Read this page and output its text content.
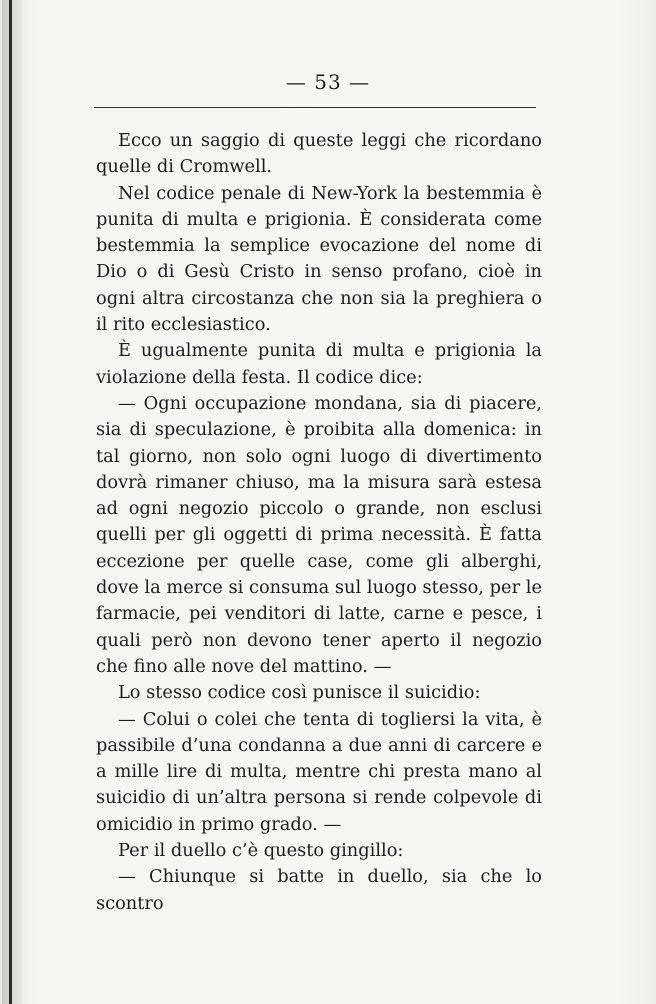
— 53 —

Ecco un saggio di queste leggi che ricordano quelle di Cromwell.

Nel codice penale di New-York la bestemmia è punita di multa e prigionia. È considerata come bestemmia la semplice evocazione del nome di Dio o di Gesù Cristo in senso profano, cioè in ogni altra circostanza che non sia la preghiera o il rito ecclesiastico.

È ugualmente punita di multa e prigionia la violazione della festa. Il codice dice:

— Ogni occupazione mondana, sia di piacere, sia di speculazione, è proibita alla domenica: in tal giorno, non solo ogni luogo di divertimento dovrà rimaner chiuso, ma la misura sarà estesa ad ogni negozio piccolo o grande, non esclusi quelli per gli oggetti di prima necessità. È fatta eccezione per quelle case, come gli alberghi, dove la merce si consuma sul luogo stesso, per le farmacie, pei venditori di latte, carne e pesce, i quali però non devono tener aperto il negozio che fino alle nove del mattino. —

Lo stesso codice così punisce il suicidio:

— Colui o colei che tenta di togliersi la vita, è passibile d’una condanna a due anni di carcere e a mille lire di multa, mentre chi presta mano al suicidio di un’altra persona si rende colpevole di omicidio in primo grado. —

Per il duello c’è questo gingillo:

— Chiunque si batte in duello, sia che lo scontro
